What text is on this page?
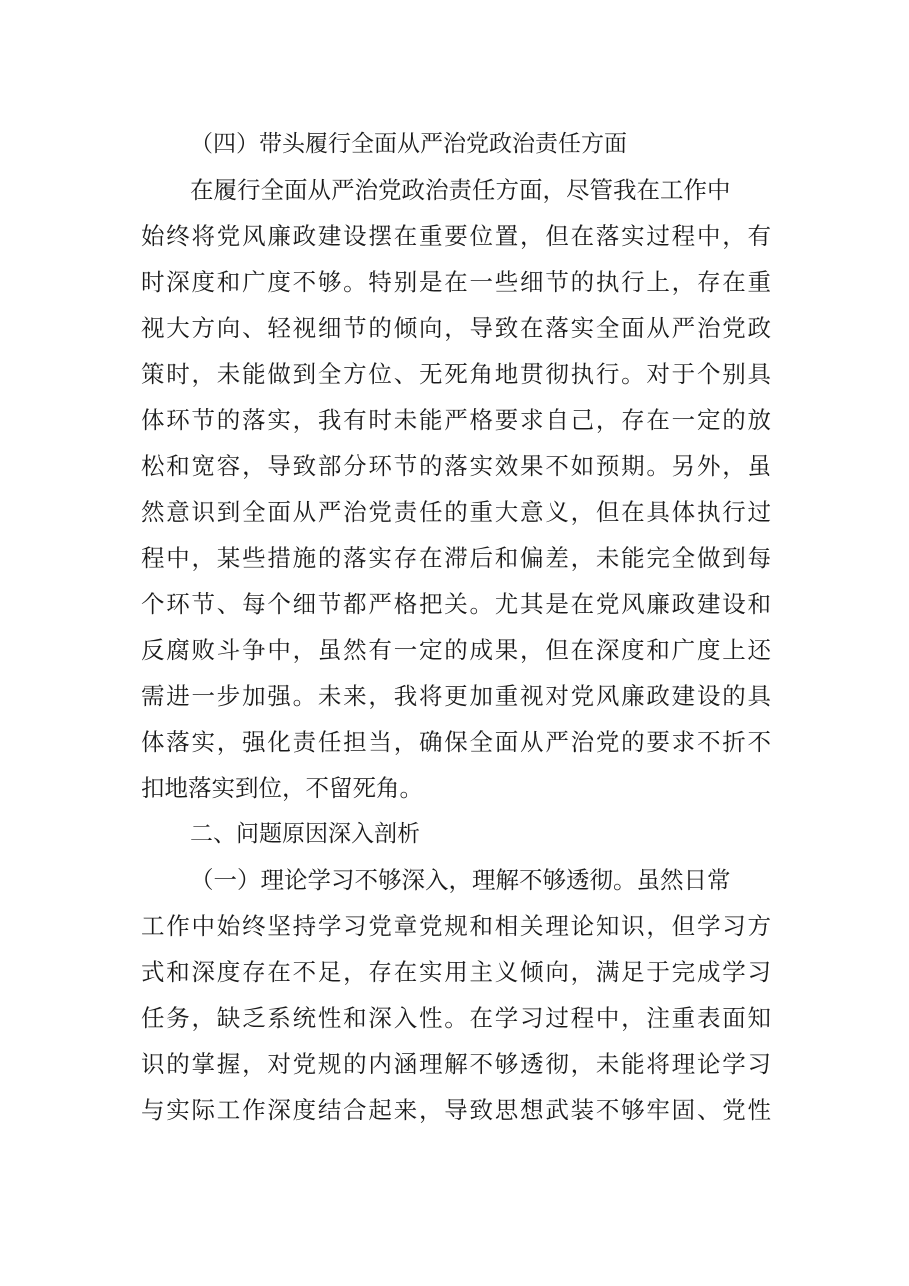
（四）带头履行全面从严治党政治责任方面
在履行全面从严治党政治责任方面，尽管我在工作中
始终将党风廉政建设摆在重要位置，但在落实过程中，有
时深度和广度不够。特别是在一些细节的执行上，存在重
视大方向、轻视细节的倾向，导致在落实全面从严治党政
策时，未能做到全方位、无死角地贯彻执行。对于个别具
体环节的落实，我有时未能严格要求自己，存在一定的放
松和宽容，导致部分环节的落实效果不如预期。另外，虽
然意识到全面从严治党责任的重大意义，但在具体执行过
程中，某些措施的落实存在滞后和偏差，未能完全做到每
个环节、每个细节都严格把关。尤其是在党风廉政建设和
反腐败斗争中，虽然有一定的成果，但在深度和广度上还
需进一步加强。未来，我将更加重视对党风廉政建设的具
体落实，强化责任担当，确保全面从严治党的要求不折不
扣地落实到位，不留死角。
二、问题原因深入剖析
（一）理论学习不够深入，理解不够透彻。虽然日常
工作中始终坚持学习党章党规和相关理论知识，但学习方
式和深度存在不足，存在实用主义倾向，满足于完成学习
任务，缺乏系统性和深入性。在学习过程中，注重表面知
识的掌握，对党规的内涵理解不够透彻，未能将理论学习
与实际工作深度结合起来，导致思想武装不够牢固、党性
